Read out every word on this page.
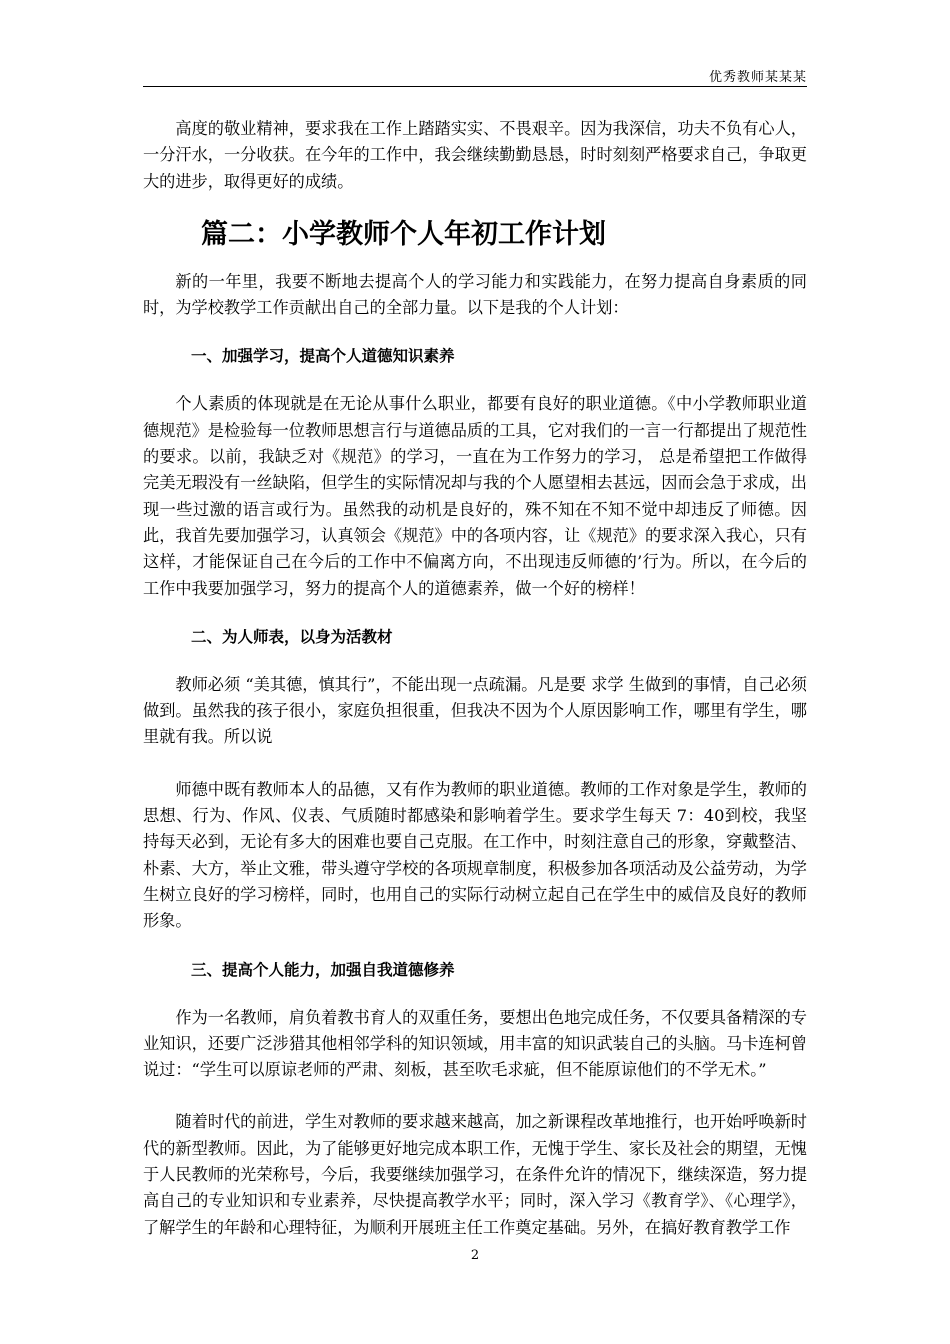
优秀教师某某某

高度的敬业精神，要求我在工作上踏踏实实、不畏艰辛。因为我深信，功夫不负有心人，一分汗水，一分收获。在今年的工作中，我会继续勤勤恳恳，时时刻刻严格要求自己，争取更大的进步，取得更好的成绩。

篇二：小学教师个人年初工作计划

新的一年里，我要不断地去提高个人的学习能力和实践能力，在努力提高自身素质的同时，为学校教学工作贡献出自己的全部力量。以下是我的个人计划：

一、加强学习，提高个人道德知识素养

个人素质的体现就是在无论从事什么职业，都要有良好的职业道德。《中小学教师职业道德规范》是检验每一位教师思想言行与道德品质的工具，它对我们的一言一行都提出了规范性的要求。以前，我缺乏对《规范》的学习，一直在为工作努力的学习， 总是希望把工作做得完美无瑕没有一丝缺陷，但学生的实际情况却与我的个人愿望相去甚远，因而会急于求成，出现一些过激的语言或行为。虽然我的动机是良好的，殊不知在不知不觉中却违反了师德。因此，我首先要加强学习，认真领会《规范》中的各项内容，让《规范》的要求深入我心，只有这样，才能保证自己在今后的工作中不偏离方向，不出现违反师德的’行为。所以，在今后的工作中我要加强学习，努力的提高个人的道德素养，做一个好的榜样！

二、为人师表，以身为活教材

教师必须 “美其德，慎其行”，不能出现一点疏漏。凡是要 求学 生做到的事情，自己必须做到。虽然我的孩子很小，家庭负担很重，但我决不因为个人原因影响工作，哪里有学生，哪里就有我。所以说

师德中既有教师本人的品德，又有作为教师的职业道德。教师的工作对象是学生，教师的思想、行为、作风、仪表、气质随时都感染和影响着学生。要求学生每天 7：40到校，我坚持每天必到，无论有多大的困难也要自己克服。在工作中，时刻注意自己的形象，穿戴整洁、朴素、大方，举止文雅，带头遵守学校的各项规章制度，积极参加各项活动及公益劳动，为学生树立良好的学习榜样，同时，也用自己的实际行动树立起自己在学生中的威信及良好的教师形象。

三、提高个人能力，加强自我道德修养

作为一名教师，肩负着教书育人的双重任务，要想出色地完成任务，不仅要具备精深的专业知识，还要广泛涉猎其他相邻学科的知识领域，用丰富的知识武装自己的头脑。马卡连柯曾说过：“学生可以原谅老师的严肃、刻板，甚至吹毛求疵，但不能原谅他们的不学无术。”

随着时代的前进，学生对教师的要求越来越高，加之新课程改革地推行，也开始呼唤新时代的新型教师。因此，为了能够更好地完成本职工作，无愧于学生、家长及社会的期望，无愧于人民教师的光荣称号，今后，我要继续加强学习，在条件允许的情况下，继续深造，努力提高自己的专业知识和专业素养，尽快提高教学水平；同时，深入学习《教育学》、《心理学》，了解学生的年龄和心理特征，为顺利开展班主任工作奠定基础。另外，在搞好教育教学工作

2
